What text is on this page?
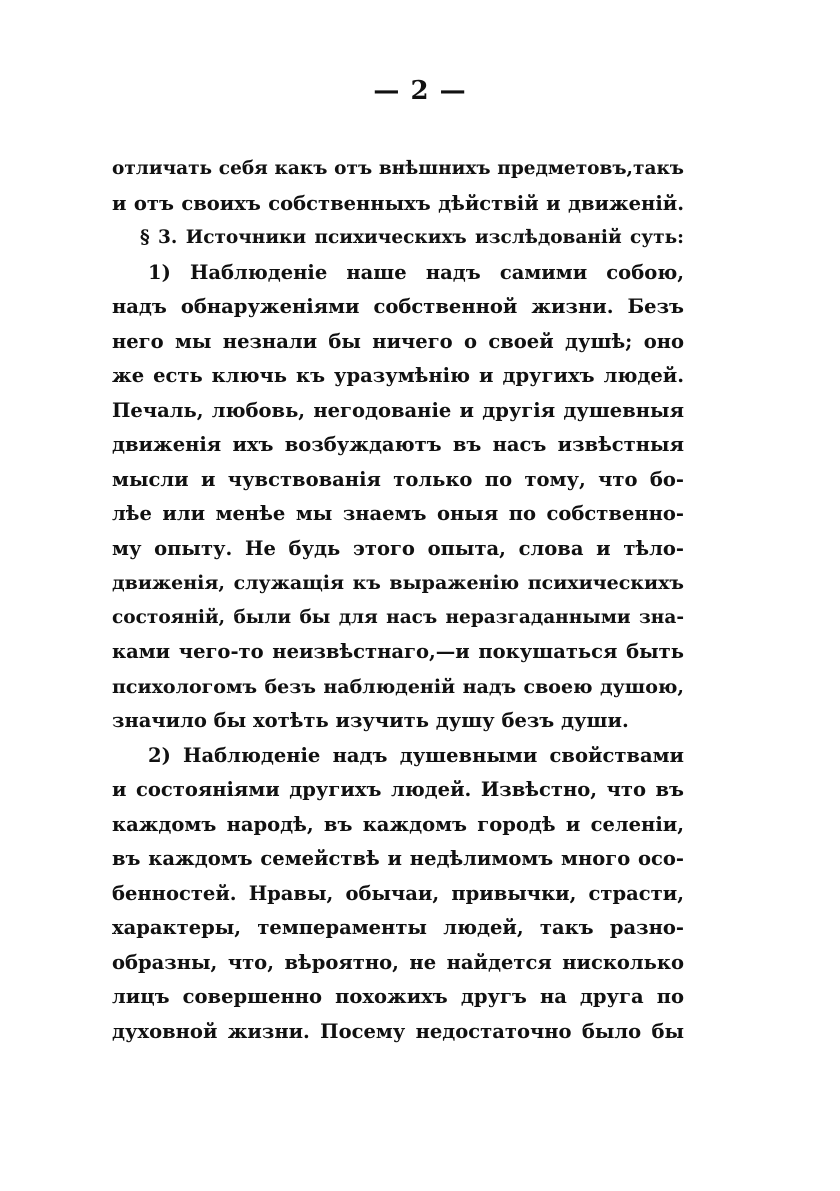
— 2 —
отличать себя какъ отъ внѣшнихъ предметовъ,такъ
и отъ своихъ собственныхъ дѣйствій и движеній.
§ 3. Источники психическихъ изслѣдованій суть:
1) Наблюденіе нашe надъ самими собою,
надъ обнаруженіями собственной жизни. Безъ
него мы незнали бы ничего о своей душѣ; оно
же есть ключь къ уразумѣнію и другихъ людей.
Печаль, любовь, негодованіе и другія душевныя
движенія ихъ возбуждаютъ въ насъ извѣстныя
мысли и чувствованія только по тому, что бо-
лѣе или менѣе мы знаемъ оныя по собственно-
му опыту. Не будь этого опыта, слова и тѣло-
движенія, служащія къ выраженію психическихъ
состояній, были бы для насъ неразгаданными зна-
ками чего-то неизвѣстнаго,—и покушаться быть
психологомъ безъ наблюденій надъ своею душою,
значило бы хотѣть изучить душу безъ души.
2) Наблюденіе надъ душевными свойствами
и состояніями другихъ людей. Извѣстно, что въ
каждомъ народѣ, въ каждомъ городѣ и селеніи,
въ каждомъ семействѣ и недѣлимомъ много осо-
бенностей. Нравы, обычаи, привычки, страсти,
характеры, темпераменты людей, такъ разно-
образны, что, вѣроятно, не найдется нисколько
лицъ совершенно похожихъ другъ на друга по
духовной жизни. Посему недостаточно было бы
